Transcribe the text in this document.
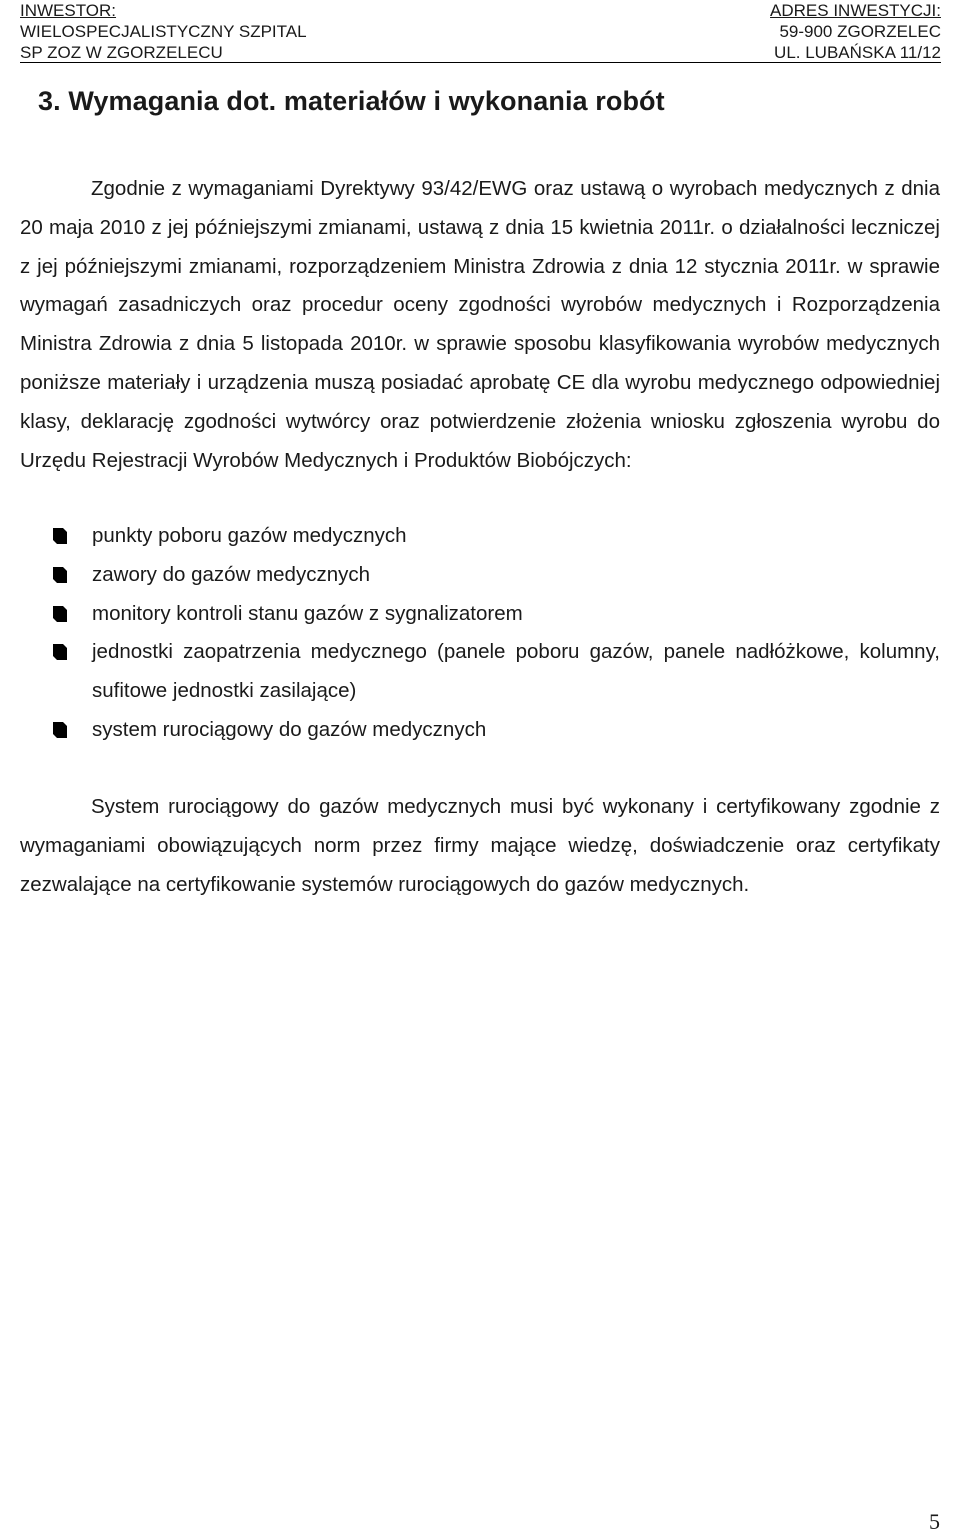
INWESTOR:
WIELOSPECJALISTYCZNY SZPITAL
SP ZOZ W ZGORZELECU
ADRES INWESTYCJI:
59-900 ZGORZELEC
UL. LUBAŃSKA 11/12
3. Wymagania dot. materiałów i wykonania robót

Zgodnie z wymaganiami Dyrektywy 93/42/EWG oraz ustawą o wyrobach medycznych z dnia 20 maja 2010 z jej późniejszymi zmianami, ustawą z dnia 15 kwietnia 2011r. o działalności leczniczej z jej późniejszymi zmianami, rozporządzeniem Ministra Zdrowia z dnia 12 stycznia 2011r. w sprawie wymagań zasadniczych oraz procedur oceny zgodności wyrobów medycznych i Rozporządzenia Ministra Zdrowia z dnia 5 listopada 2010r. w sprawie sposobu klasyfikowania wyrobów medycznych poniższe materiały i urządzenia muszą posiadać aprobatę CE dla wyrobu medycznego odpowiedniej klasy, deklarację zgodności wytwórcy oraz potwierdzenie złożenia wniosku zgłoszenia wyrobu do Urzędu Rejestracji Wyrobów Medycznych i Produktów Biobójczych:

punkty poboru gazów medycznych
zawory do gazów medycznych
monitory kontroli stanu gazów z sygnalizatorem
jednostki zaopatrzenia medycznego (panele poboru gazów, panele nadłóżkowe, kolumny, sufitowe jednostki zasilające)
system rurociągowy do gazów medycznych

System rurociągowy do gazów medycznych musi być wykonany i certyfikowany zgodnie z wymaganiami obowiązujących norm przez firmy mające wiedzę, doświadczenie oraz certyfikaty zezwalające na certyfikowanie systemów rurociągowych do gazów medycznych.

5
